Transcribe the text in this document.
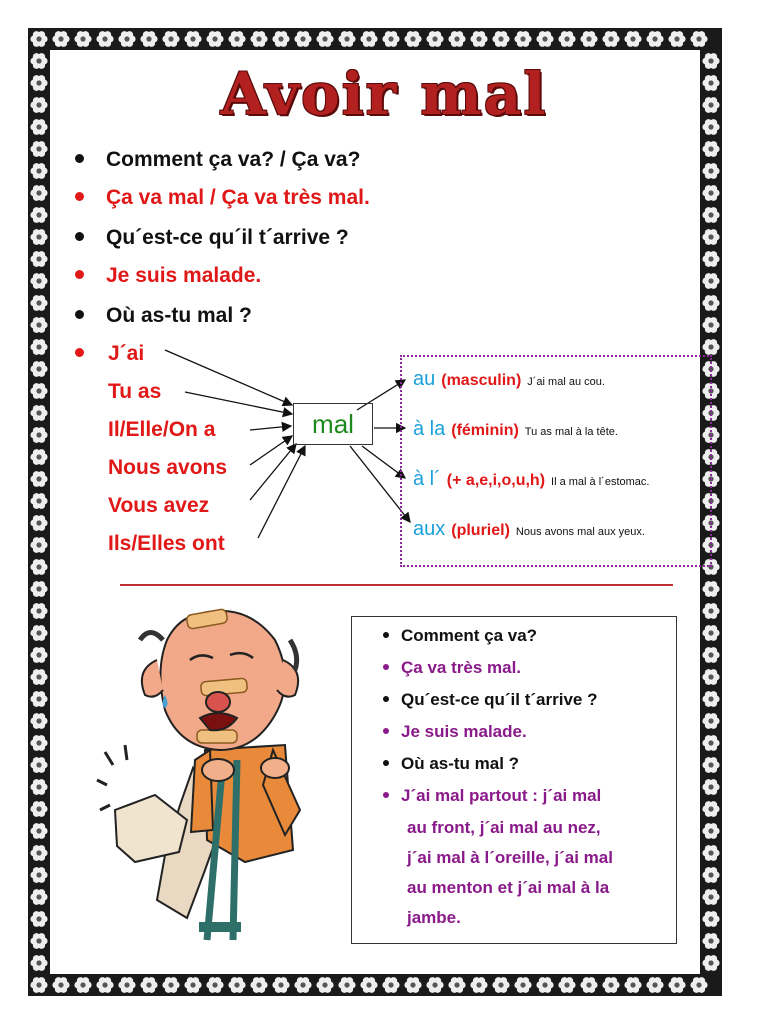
Avoir mal
Comment ça va? / Ça va?
Ça va mal / Ça va très mal.
Qu´est-ce qu´il t´arrive ?
Je suis malade.
Où as-tu mal ?
J´ai
Tu as
Il/Elle/On a
Nous avons
Vous avez
Ils/Elles ont
mal
au (masculin) J´ai mal au cou.
à la (féminin) Tu as mal à la tête.
à l´ (+ a,e,i,o,u,h) Il a mal à l´estomac.
aux (pluriel) Nous avons mal aux yeux.
Comment ça va?
Ça va très mal.
Qu´est-ce qu´il t´arrive ?
Je suis malade.
Où as-tu mal ?
J´ai mal partout : j´ai mal
au front, j´ai mal au nez,
j´ai mal à l´oreille, j´ai mal
au menton et j´ai mal à la
jambe.
